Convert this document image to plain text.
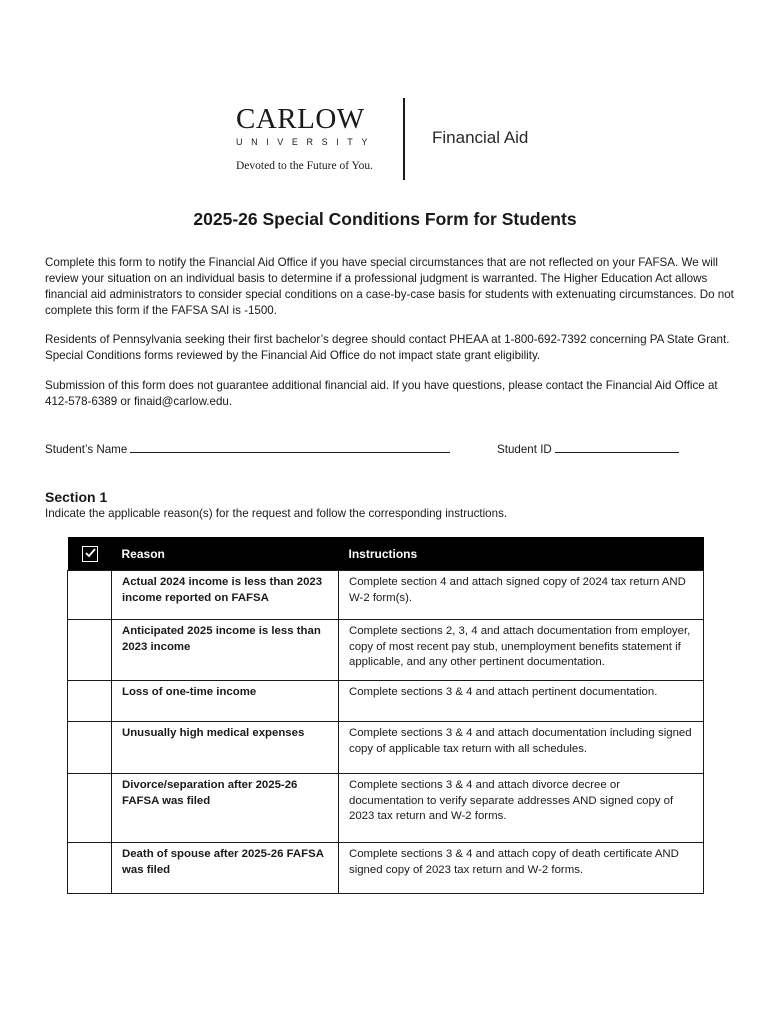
CARLOW
UNIVERSITY
Devoted to the Future of You.
Financial Aid
2025-26 Special Conditions Form for Students

Complete this form to notify the Financial Aid Office if you have special circumstances that are not reflected on your FAFSA. We will review your situation on an individual basis to determine if a professional judgment is warranted. The Higher Education Act allows financial aid administrators to consider special conditions on a case-by-case basis for students with extenuating circumstances. Do not complete this form if the FAFSA SAI is -1500.

Residents of Pennsylvania seeking their first bachelor’s degree should contact PHEAA at 1-800-692-7392 concerning PA State Grant. Special Conditions forms reviewed by the Financial Aid Office do not impact state grant eligibility.

Submission of this form does not guarantee additional financial aid. If you have questions, please contact the Financial Aid Office at 412-578-6389 or finaid@carlow.edu.

Student’s Name	Student ID
Section 1
Indicate the applicable reason(s) for the request and follow the corresponding instructions.
	Reason	Instructions
	Actual 2024 income is less than 2023 income reported on FAFSA	Complete section 4 and attach signed copy of 2024 tax return AND W-2 form(s).
	Anticipated 2025 income is less than 2023 income	Complete sections 2, 3, 4 and attach documentation from employer, copy of most recent pay stub, unemployment benefits statement if applicable, and any other pertinent documentation.
	Loss of one-time income	Complete sections 3 & 4 and attach pertinent documentation.
	Unusually high medical expenses	Complete sections 3 & 4 and attach documentation including signed copy of applicable tax return with all schedules.
	Divorce/separation after 2025-26 FAFSA was filed	Complete sections 3 & 4 and attach divorce decree or documentation to verify separate addresses AND signed copy of 2023 tax return and W-2 forms.
	Death of spouse after 2025-26 FAFSA was filed	Complete sections 3 & 4 and attach copy of death certificate AND signed copy of 2023 tax return and W-2 forms.
